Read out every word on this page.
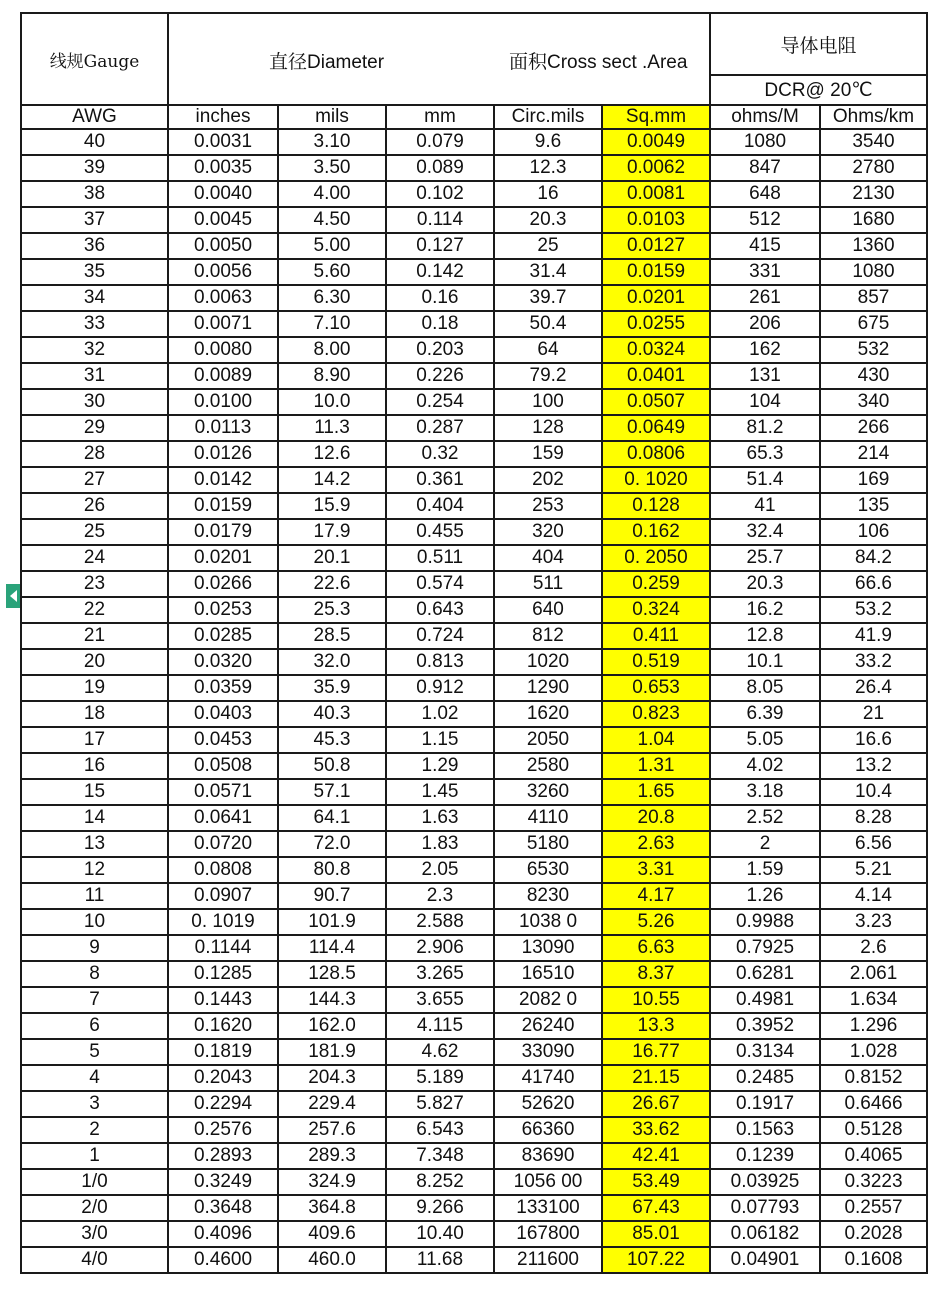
线规Gauge	直径Diameter 面积Cross sect .Area					导体电阻	
						DCR@ 20℃	
AWG	inches	mils	mm	Circ.mils	Sq.mm	ohms/M	Ohms/km
40	0.0031	3.10	0.079	9.6	0.0049	1080	3540
39	0.0035	3.50	0.089	12.3	0.0062	847	2780
38	0.0040	4.00	0.102	16	0.0081	648	2130
37	0.0045	4.50	0.114	20.3	0.0103	512	1680
36	0.0050	5.00	0.127	25	0.0127	415	1360
35	0.0056	5.60	0.142	31.4	0.0159	331	1080
34	0.0063	6.30	0.16	39.7	0.0201	261	857
33	0.0071	7.10	0.18	50.4	0.0255	206	675
32	0.0080	8.00	0.203	64	0.0324	162	532
31	0.0089	8.90	0.226	79.2	0.0401	131	430
30	0.0100	10.0	0.254	100	0.0507	104	340
29	0.0113	11.3	0.287	128	0.0649	81.2	266
28	0.0126	12.6	0.32	159	0.0806	65.3	214
27	0.0142	14.2	0.361	202	0. 1020	51.4	169
26	0.0159	15.9	0.404	253	0.128	41	135
25	0.0179	17.9	0.455	320	0.162	32.4	106
24	0.0201	20.1	0.511	404	0. 2050	25.7	84.2
23	0.0266	22.6	0.574	511	0.259	20.3	66.6
22	0.0253	25.3	0.643	640	0.324	16.2	53.2
21	0.0285	28.5	0.724	812	0.411	12.8	41.9
20	0.0320	32.0	0.813	1020	0.519	10.1	33.2
19	0.0359	35.9	0.912	1290	0.653	8.05	26.4
18	0.0403	40.3	1.02	1620	0.823	6.39	21
17	0.0453	45.3	1.15	2050	1.04	5.05	16.6
16	0.0508	50.8	1.29	2580	1.31	4.02	13.2
15	0.0571	57.1	1.45	3260	1.65	3.18	10.4
14	0.0641	64.1	1.63	4110	20.8	2.52	8.28
13	0.0720	72.0	1.83	5180	2.63	2	6.56
12	0.0808	80.8	2.05	6530	3.31	1.59	5.21
11	0.0907	90.7	2.3	8230	4.17	1.26	4.14
10	0. 1019	101.9	2.588	1038 0	5.26	0.9988	3.23
9	0.1144	114.4	2.906	13090	6.63	0.7925	2.6
8	0.1285	128.5	3.265	16510	8.37	0.6281	2.061
7	0.1443	144.3	3.655	2082 0	10.55	0.4981	1.634
6	0.1620	162.0	4.115	26240	13.3	0.3952	1.296
5	0.1819	181.9	4.62	33090	16.77	0.3134	1.028
4	0.2043	204.3	5.189	41740	21.15	0.2485	0.8152
3	0.2294	229.4	5.827	52620	26.67	0.1917	0.6466
2	0.2576	257.6	6.543	66360	33.62	0.1563	0.5128
1	0.2893	289.3	7.348	83690	42.41	0.1239	0.4065
1/0	0.3249	324.9	8.252	1056 00	53.49	0.03925	0.3223
2/0	0.3648	364.8	9.266	133100	67.43	0.07793	0.2557
3/0	0.4096	409.6	10.40	167800	85.01	0.06182	0.2028
4/0	0.4600	460.0	11.68	211600	107.22	0.04901	0.1608
